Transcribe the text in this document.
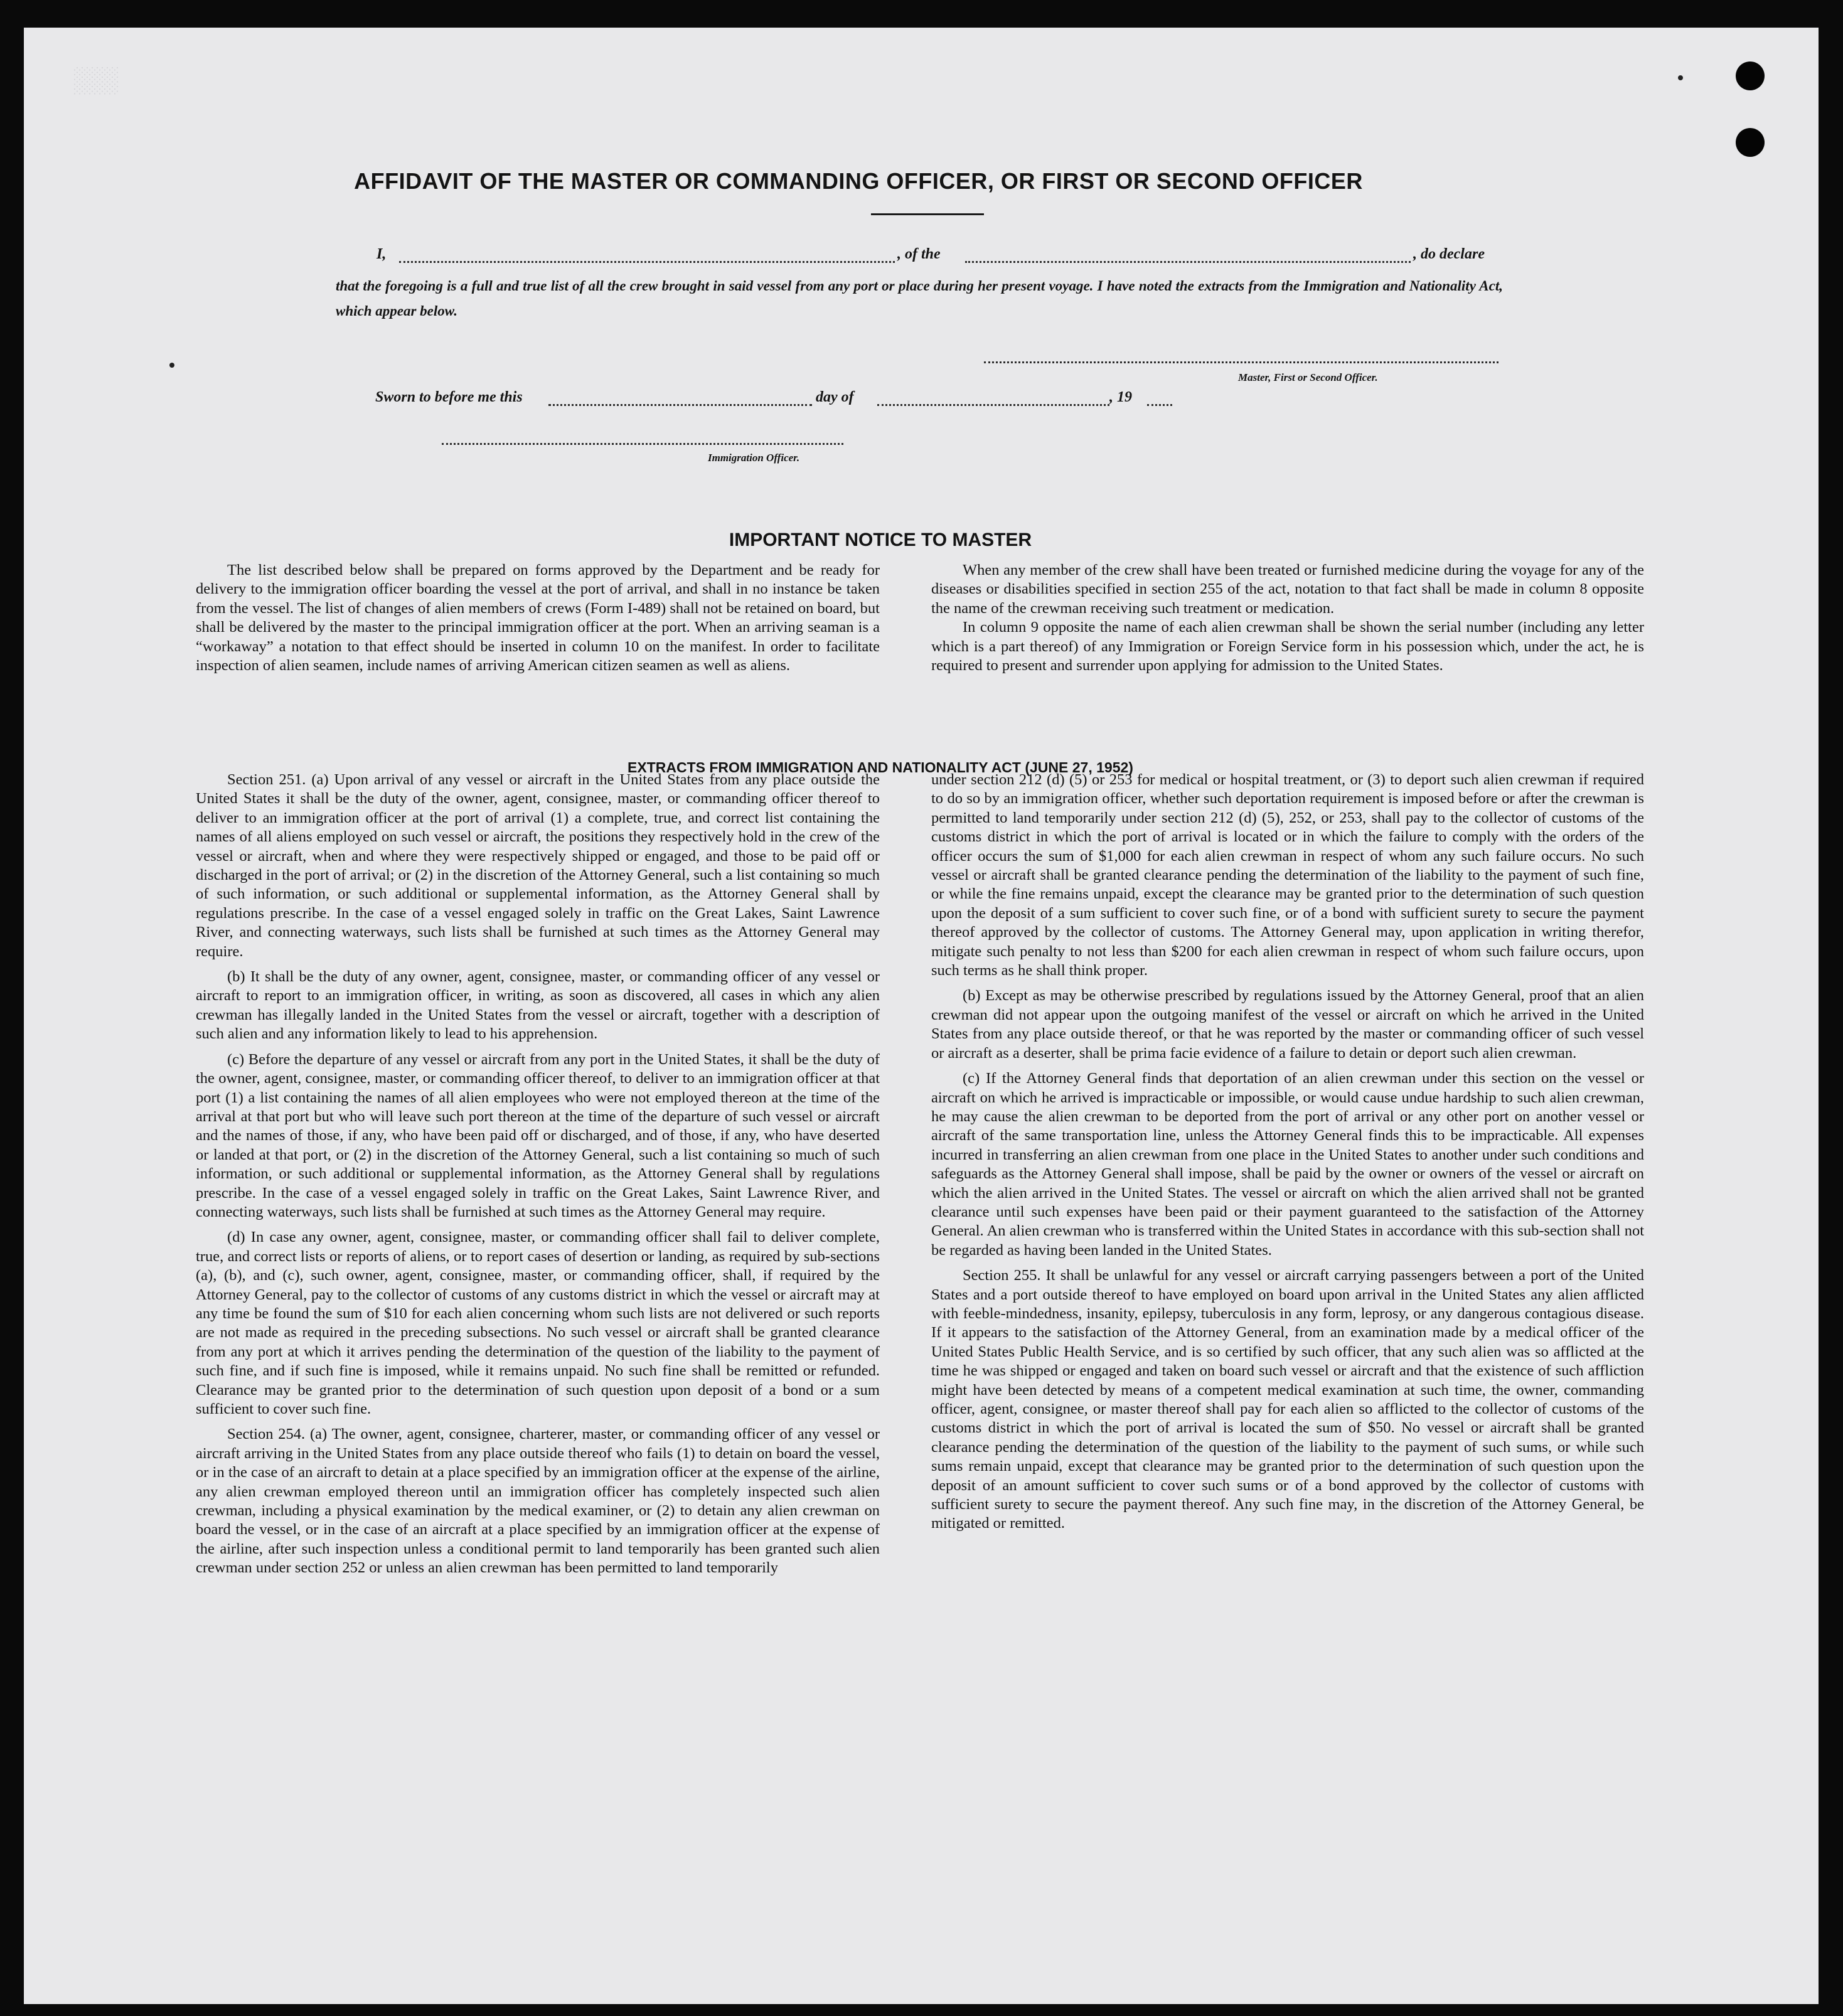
░░░
AFFIDAVIT OF THE MASTER OR COMMANDING OFFICER, OR FIRST OR SECOND OFFICER
I,	, of the	, do declare
that the foregoing is a full and true list of all the crew brought in said vessel from any port or place during her present voyage. I have noted the extracts from the Immigration and Nationality Act, which appear below.
Master, First or Second Officer.
Sworn to before me this	day of	, 19
Immigration Officer.
IMPORTANT NOTICE TO MASTER

The list described below shall be prepared on forms approved by the Department and be ready for delivery to the immigration officer boarding the vessel at the port of arrival, and shall in no instance be taken from the vessel. The list of changes of alien members of crews (Form I-489) shall not be retained on board, but shall be delivered by the master to the principal immigration officer at the port. When an arriving seaman is a “workaway” a notation to that effect should be inserted in column 10 on the manifest. In order to facilitate inspection of alien seamen, include names of arriving American citizen seamen as well as aliens.

When any member of the crew shall have been treated or furnished medicine during the voyage for any of the diseases or disabilities specified in section 255 of the act, notation to that fact shall be made in column 8 opposite the name of the crewman receiving such treatment or medication.

In column 9 opposite the name of each alien crewman shall be shown the serial number (including any letter which is a part thereof) of any Immigration or Foreign Service form in his possession which, under the act, he is required to present and surrender upon applying for admission to the United States.

EXTRACTS FROM IMMIGRATION AND NATIONALITY ACT (JUNE 27, 1952)

Section 251. (a) Upon arrival of any vessel or aircraft in the United States from any place outside the United States it shall be the duty of the owner, agent, consignee, master, or commanding officer thereof to deliver to an immigration officer at the port of arrival (1) a complete, true, and correct list containing the names of all aliens employed on such vessel or aircraft, the positions they respectively hold in the crew of the vessel or aircraft, when and where they were respectively shipped or engaged, and those to be paid off or discharged in the port of arrival; or (2) in the discretion of the Attorney General, such a list containing so much of such information, or such additional or supplemental information, as the Attorney General shall by regulations prescribe. In the case of a vessel engaged solely in traffic on the Great Lakes, Saint Lawrence River, and connecting waterways, such lists shall be furnished at such times as the Attorney General may require.

(b) It shall be the duty of any owner, agent, consignee, master, or commanding officer of any vessel or aircraft to report to an immigration officer, in writing, as soon as discovered, all cases in which any alien crewman has illegally landed in the United States from the vessel or aircraft, together with a description of such alien and any information likely to lead to his apprehension.

(c) Before the departure of any vessel or aircraft from any port in the United States, it shall be the duty of the owner, agent, consignee, master, or commanding officer thereof, to deliver to an immigration officer at that port (1) a list containing the names of all alien employees who were not employed thereon at the time of the arrival at that port but who will leave such port thereon at the time of the departure of such vessel or aircraft and the names of those, if any, who have been paid off or discharged, and of those, if any, who have deserted or landed at that port, or (2) in the discretion of the Attorney General, such a list containing so much of such information, or such additional or supplemental information, as the Attorney General shall by regulations prescribe. In the case of a vessel engaged solely in traffic on the Great Lakes, Saint Lawrence River, and connecting waterways, such lists shall be furnished at such times as the Attorney General may require.

(d) In case any owner, agent, consignee, master, or commanding officer shall fail to deliver complete, true, and correct lists or reports of aliens, or to report cases of desertion or landing, as required by sub-sections (a), (b), and (c), such owner, agent, consignee, master, or commanding officer, shall, if required by the Attorney General, pay to the collector of customs of any customs district in which the vessel or aircraft may at any time be found the sum of $10 for each alien concerning whom such lists are not delivered or such reports are not made as required in the preceding subsections. No such vessel or aircraft shall be granted clearance from any port at which it arrives pending the determination of the question of the liability to the payment of such fine, and if such fine is imposed, while it remains unpaid. No such fine shall be remitted or refunded. Clearance may be granted prior to the determination of such question upon deposit of a bond or a sum sufficient to cover such fine.

Section 254. (a) The owner, agent, consignee, charterer, master, or commanding officer of any vessel or aircraft arriving in the United States from any place outside thereof who fails (1) to detain on board the vessel, or in the case of an aircraft to detain at a place specified by an immigration officer at the expense of the airline, any alien crewman employed thereon until an immigration officer has completely inspected such alien crewman, including a physical examination by the medical examiner, or (2) to detain any alien crewman on board the vessel, or in the case of an aircraft at a place specified by an immigration officer at the expense of the airline, after such inspection unless a conditional permit to land temporarily has been granted such alien crewman under section 252 or unless an alien crewman has been permitted to land temporarily

under section 212 (d) (5) or 253 for medical or hospital treatment, or (3) to deport such alien crewman if required to do so by an immigration officer, whether such deportation requirement is imposed before or after the crewman is permitted to land temporarily under section 212 (d) (5), 252, or 253, shall pay to the collector of customs of the customs district in which the port of arrival is located or in which the failure to comply with the orders of the officer occurs the sum of $1,000 for each alien crewman in respect of whom any such failure occurs. No such vessel or aircraft shall be granted clearance pending the determination of the liability to the payment of such fine, or while the fine remains unpaid, except the clearance may be granted prior to the determination of such question upon the deposit of a sum sufficient to cover such fine, or of a bond with sufficient surety to secure the payment thereof approved by the collector of customs. The Attorney General may, upon application in writing therefor, mitigate such penalty to not less than $200 for each alien crewman in respect of whom such failure occurs, upon such terms as he shall think proper.

(b) Except as may be otherwise prescribed by regulations issued by the Attorney General, proof that an alien crewman did not appear upon the outgoing manifest of the vessel or aircraft on which he arrived in the United States from any place outside thereof, or that he was reported by the master or commanding officer of such vessel or aircraft as a deserter, shall be prima facie evidence of a failure to detain or deport such alien crewman.

(c) If the Attorney General finds that deportation of an alien crewman under this section on the vessel or aircraft on which he arrived is impracticable or impossible, or would cause undue hardship to such alien crewman, he may cause the alien crewman to be deported from the port of arrival or any other port on another vessel or aircraft of the same transportation line, unless the Attorney General finds this to be impracticable. All expenses incurred in transferring an alien crewman from one place in the United States to another under such conditions and safeguards as the Attorney General shall impose, shall be paid by the owner or owners of the vessel or aircraft on which the alien arrived in the United States. The vessel or aircraft on which the alien arrived shall not be granted clearance until such expenses have been paid or their payment guaranteed to the satisfaction of the Attorney General. An alien crewman who is transferred within the United States in accordance with this sub-section shall not be regarded as having been landed in the United States.

Section 255. It shall be unlawful for any vessel or aircraft carrying passengers between a port of the United States and a port outside thereof to have employed on board upon arrival in the United States any alien afflicted with feeble-mindedness, insanity, epilepsy, tuberculosis in any form, leprosy, or any dangerous contagious disease. If it appears to the satisfaction of the Attorney General, from an examination made by a medical officer of the United States Public Health Service, and is so certified by such officer, that any such alien was so afflicted at the time he was shipped or engaged and taken on board such vessel or aircraft and that the existence of such affliction might have been detected by means of a competent medical examination at such time, the owner, commanding officer, agent, consignee, or master thereof shall pay for each alien so afflicted to the collector of customs of the customs district in which the port of arrival is located the sum of $50. No vessel or aircraft shall be granted clearance pending the determination of the question of the liability to the payment of such sums, or while such sums remain unpaid, except that clearance may be granted prior to the determination of such question upon the deposit of an amount sufficient to cover such sums or of a bond approved by the collector of customs with sufficient surety to secure the payment thereof. Any such fine may, in the discretion of the Attorney General, be mitigated or remitted.
